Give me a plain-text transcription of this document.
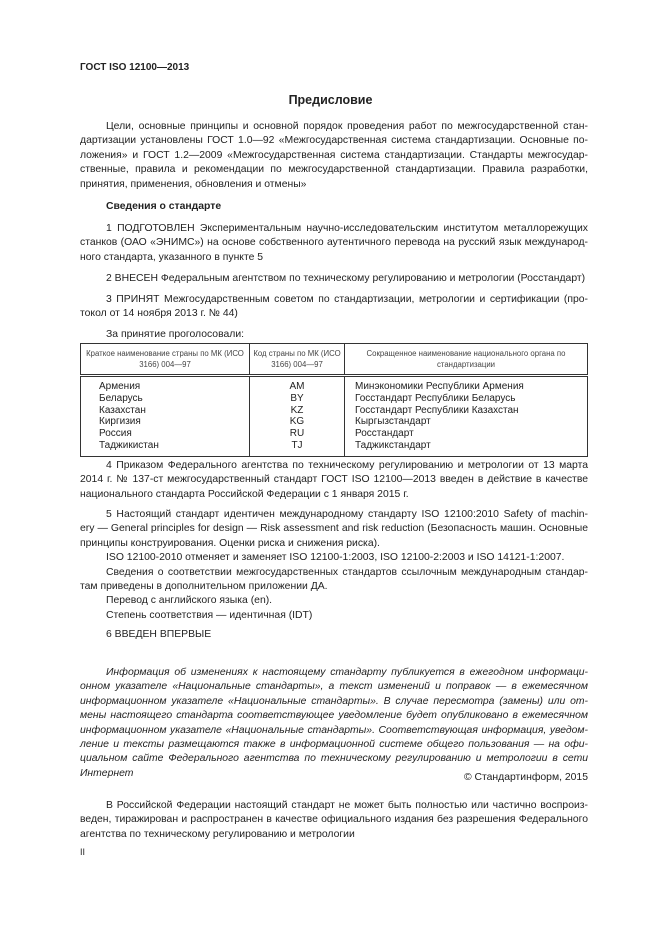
ГОСТ ISO 12100—2013
Предисловие
Цели, основные принципы и основной порядок проведения работ по межгосударственной стан-
дартизации установлены ГОСТ 1.0—92 «Межгосударственная система стандартизации. Основные по-
ложения» и ГОСТ 1.2—2009 «Межгосударственная система стандартизации. Стандарты межгосудар-
ственные, правила и рекомендации по межгосударственной стандартизации. Правила разработки,
принятия, применения, обновления и отмены»
Сведения о стандарте
1 ПОДГОТОВЛЕН Экспериментальным научно-исследовательским институтом металлорежущих
станков (ОАО «ЭНИМС») на основе собственного аутентичного перевода на русский язык международ-
ного стандарта, указанного в пункте 5
2 ВНЕСЕН Федеральным агентством по техническому регулированию и метрологии (Росстандарт)
3 ПРИНЯТ Межгосударственным советом по стандартизации, метрологии и сертификации (про-
токол от 14 ноября 2013 г. № 44)
За принятие проголосовали:
4 Приказом Федерального агентства по техническому регулированию и метрологии от 13 марта
2014 г. № 137-ст межгосударственный стандарт ГОСТ ISO 12100—2013 введен в действие в качестве
национального стандарта Российской Федерации с 1 января 2015 г.
5 Настоящий стандарт идентичен международному стандарту ISO 12100:2010 Safety of machin-
ery — General principles for design — Risk assessment and risk reduction (Безопасность машин. Основные
принципы конструирования. Оценки риска и снижения риска).
ISO 12100-2010 отменяет и заменяет ISO 12100-1:2003, ISO 12100-2:2003 и ISO 14121-1:2007.
Сведения о соответствии межгосударственных стандартов ссылочным международным стандар-
там приведены в дополнительном приложении ДА.
Перевод с английского языка (en).
Степень соответствия — идентичная (IDT)
6 ВВЕДЕН ВПЕРВЫЕ
Информация об изменениях к настоящему стандарту публикуется в ежегодном информаци-
онном указателе «Национальные стандарты», а текст изменений и поправок — в ежемесячном
информационном указателе «Национальные стандарты». В случае пересмотра (замены) или от-
мены настоящего стандарта соответствующее уведомление будет опубликовано в ежемесячном
информационном указателе «Национальные стандарты». Соответствующая информация, уведом-
ление и тексты размещаются также в информационной системе общего пользования — на офи-
циальном сайте Федерального агентства по техническому регулированию и метрологии в сети
Интернет
В Российской Федерации настоящий стандарт не может быть полностью или частично воспроиз-
веден, тиражирован и распространен в качестве официального издания без разрешения Федерального
агентства по техническому регулированию и метрологии
Краткое наименование страны по МК (ИСО 3166) 004—97	Код страны по МК (ИСО 3166) 004—97	Сокращенное наименование национального органа по стандартизации
Армения	AM	Минэкономики Республики Армения
Беларусь	BY	Госстандарт Республики Беларусь
Казахстан	KZ	Госстандарт Республики Казахстан
Киргизия	KG	Кыргызстандарт
Россия	RU	Росстандарт
Таджикистан	TJ	Таджикстандарт
© Стандартинформ, 2015
II
